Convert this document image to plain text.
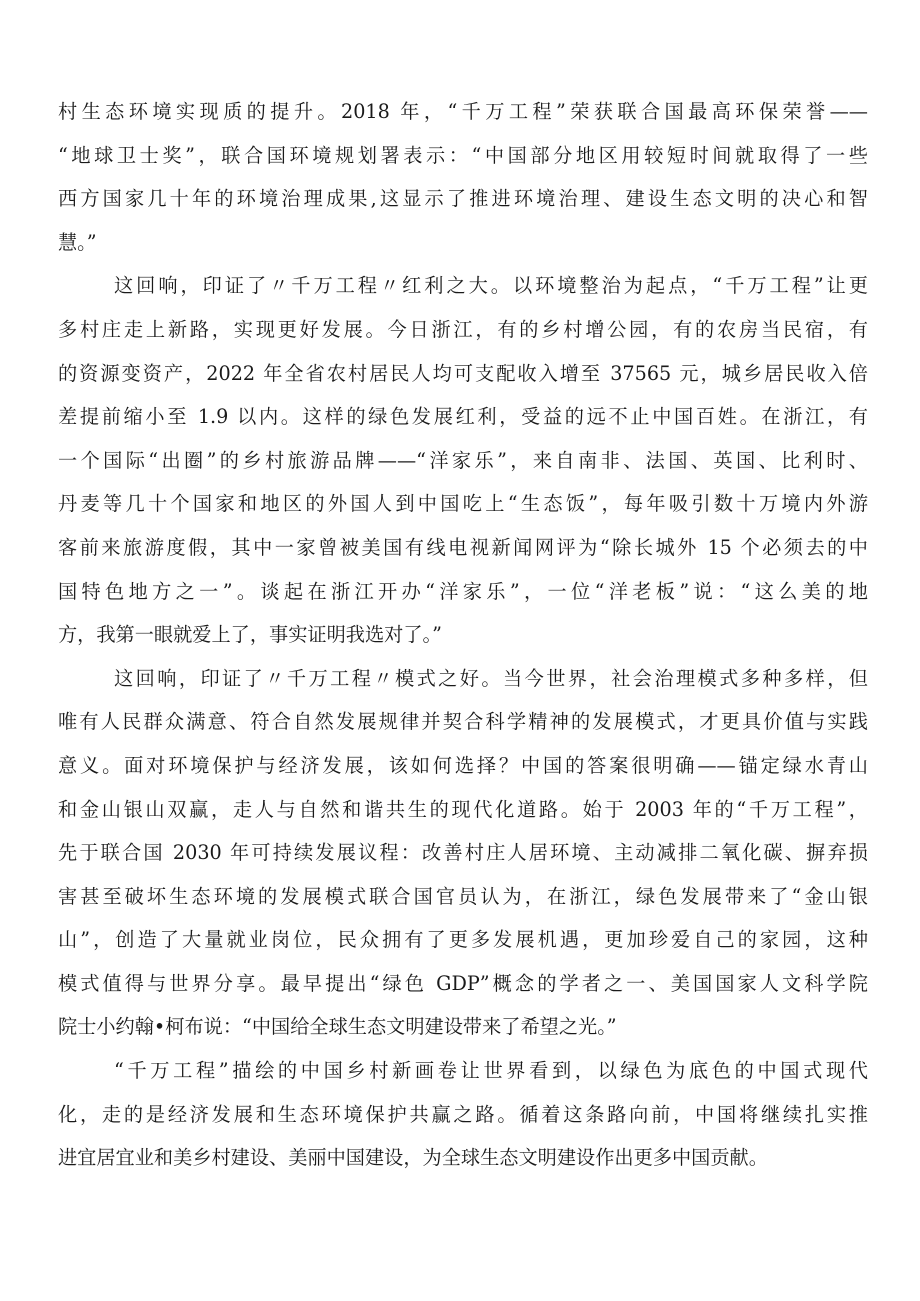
村生态环境实现质的提升。2018 年，“千万工程”荣获联合国最高环保荣誉——
“地球卫士奖”，联合国环境规划署表示：“中国部分地区用较短时间就取得了一些
西方国家几十年的环境治理成果,这显示了推进环境治理、建设生态文明的决心和智
慧。”
这回响，印证了〃千万工程〃红利之大。以环境整治为起点，“千万工程”让更
多村庄走上新路，实现更好发展。今日浙江，有的乡村增公园，有的农房当民宿，有
的资源变资产，2022 年全省农村居民人均可支配收入增至 37565 元，城乡居民收入倍
差提前缩小至 1.9 以内。这样的绿色发展红利，受益的远不止中国百姓。在浙江，有
一个国际“出圈”的乡村旅游品牌——“洋家乐”，来自南非、法国、英国、比利时、
丹麦等几十个国家和地区的外国人到中国吃上“生态饭”，每年吸引数十万境内外游
客前来旅游度假，其中一家曾被美国有线电视新闻网评为“除长城外 15 个必须去的中
国特色地方之一”。谈起在浙江开办“洋家乐”，一位“洋老板”说：“这么美的地
方，我第一眼就爱上了，事实证明我选对了。”
这回响，印证了〃千万工程〃模式之好。当今世界，社会治理模式多种多样，但
唯有人民群众满意、符合自然发展规律并契合科学精神的发展模式，才更具价值与实践
意义。面对环境保护与经济发展，该如何选择？中国的答案很明确——锚定绿水青山
和金山银山双赢，走人与自然和谐共生的现代化道路。始于 2003 年的“千万工程”，
先于联合国 2030 年可持续发展议程：改善村庄人居环境、主动减排二氧化碳、摒弃损
害甚至破坏生态环境的发展模式联合国官员认为，在浙江，绿色发展带来了“金山银
山”，创造了大量就业岗位，民众拥有了更多发展机遇，更加珍爱自己的家园，这种
模式值得与世界分享。最早提出“绿色 GDP”概念的学者之一、美国国家人文科学院
院士小约翰•柯布说：“中国给全球生态文明建设带来了希望之光。”
“千万工程”描绘的中国乡村新画卷让世界看到，以绿色为底色的中国式现代
化，走的是经济发展和生态环境保护共赢之路。循着这条路向前，中国将继续扎实推
进宜居宜业和美乡村建设、美丽中国建设，为全球生态文明建设作出更多中国贡献。
